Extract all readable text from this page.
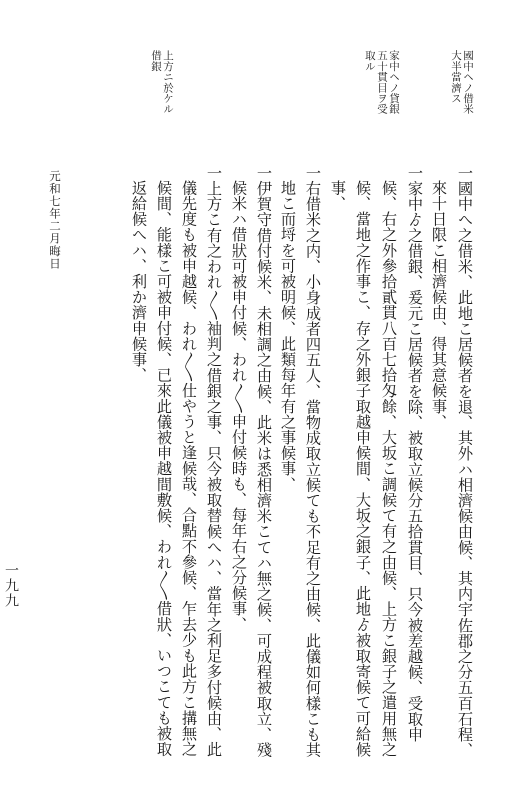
國中ヘノ借米大半當濟ス
家中ヘノ貸銀五十貫目ヲ受取ル
上方ニ於ケル借銀
一國中へ之借米、此地こ居候者を退、其外ハ相濟候由候、其内宇佐郡之分五百石程、
來十日限こ相濟候由、得其意候事、
一家中ゟ之借銀、爰元こ居候者を除、被取立候分五拾貫目、只今被差越候、受取申
候、右之外參拾貳貫八百七拾匁餘、大坂こ調候て有之由候、上方こ銀子之遣用無之
候、當地之作事こ、存之外銀子取越申候間、大坂之銀子、此地ゟ被取寄候て可給候
事、
一右借米之内、小身成者四五人、當物成取立候ても不足有之由候、此儀如何樣こも其
地こ而埒を可被明候、此類每年有之事候事、
一伊賀守借付候米、未相調之由候、此米は悉相濟米こてハ無之候、可成程被取立、殘
候米ハ借狀可被申付候、われ〳〵申付候時も、每年右之分候事、
一上方こ有之われ〳〵袖判之借銀之事、只今被取替候へハ、當年之利足多付候由、此
儀先度も被申越候、われ〳〵仕やうと逢候哉、合點不參候、乍去少も此方こ搆無之
候間、能樣こ可被申付候、已來此儀被申越間敷候、われ〳〵借狀、いつこても被取
返給候へハ、利か濟申候事、
元和七年二月晦日
一九九
